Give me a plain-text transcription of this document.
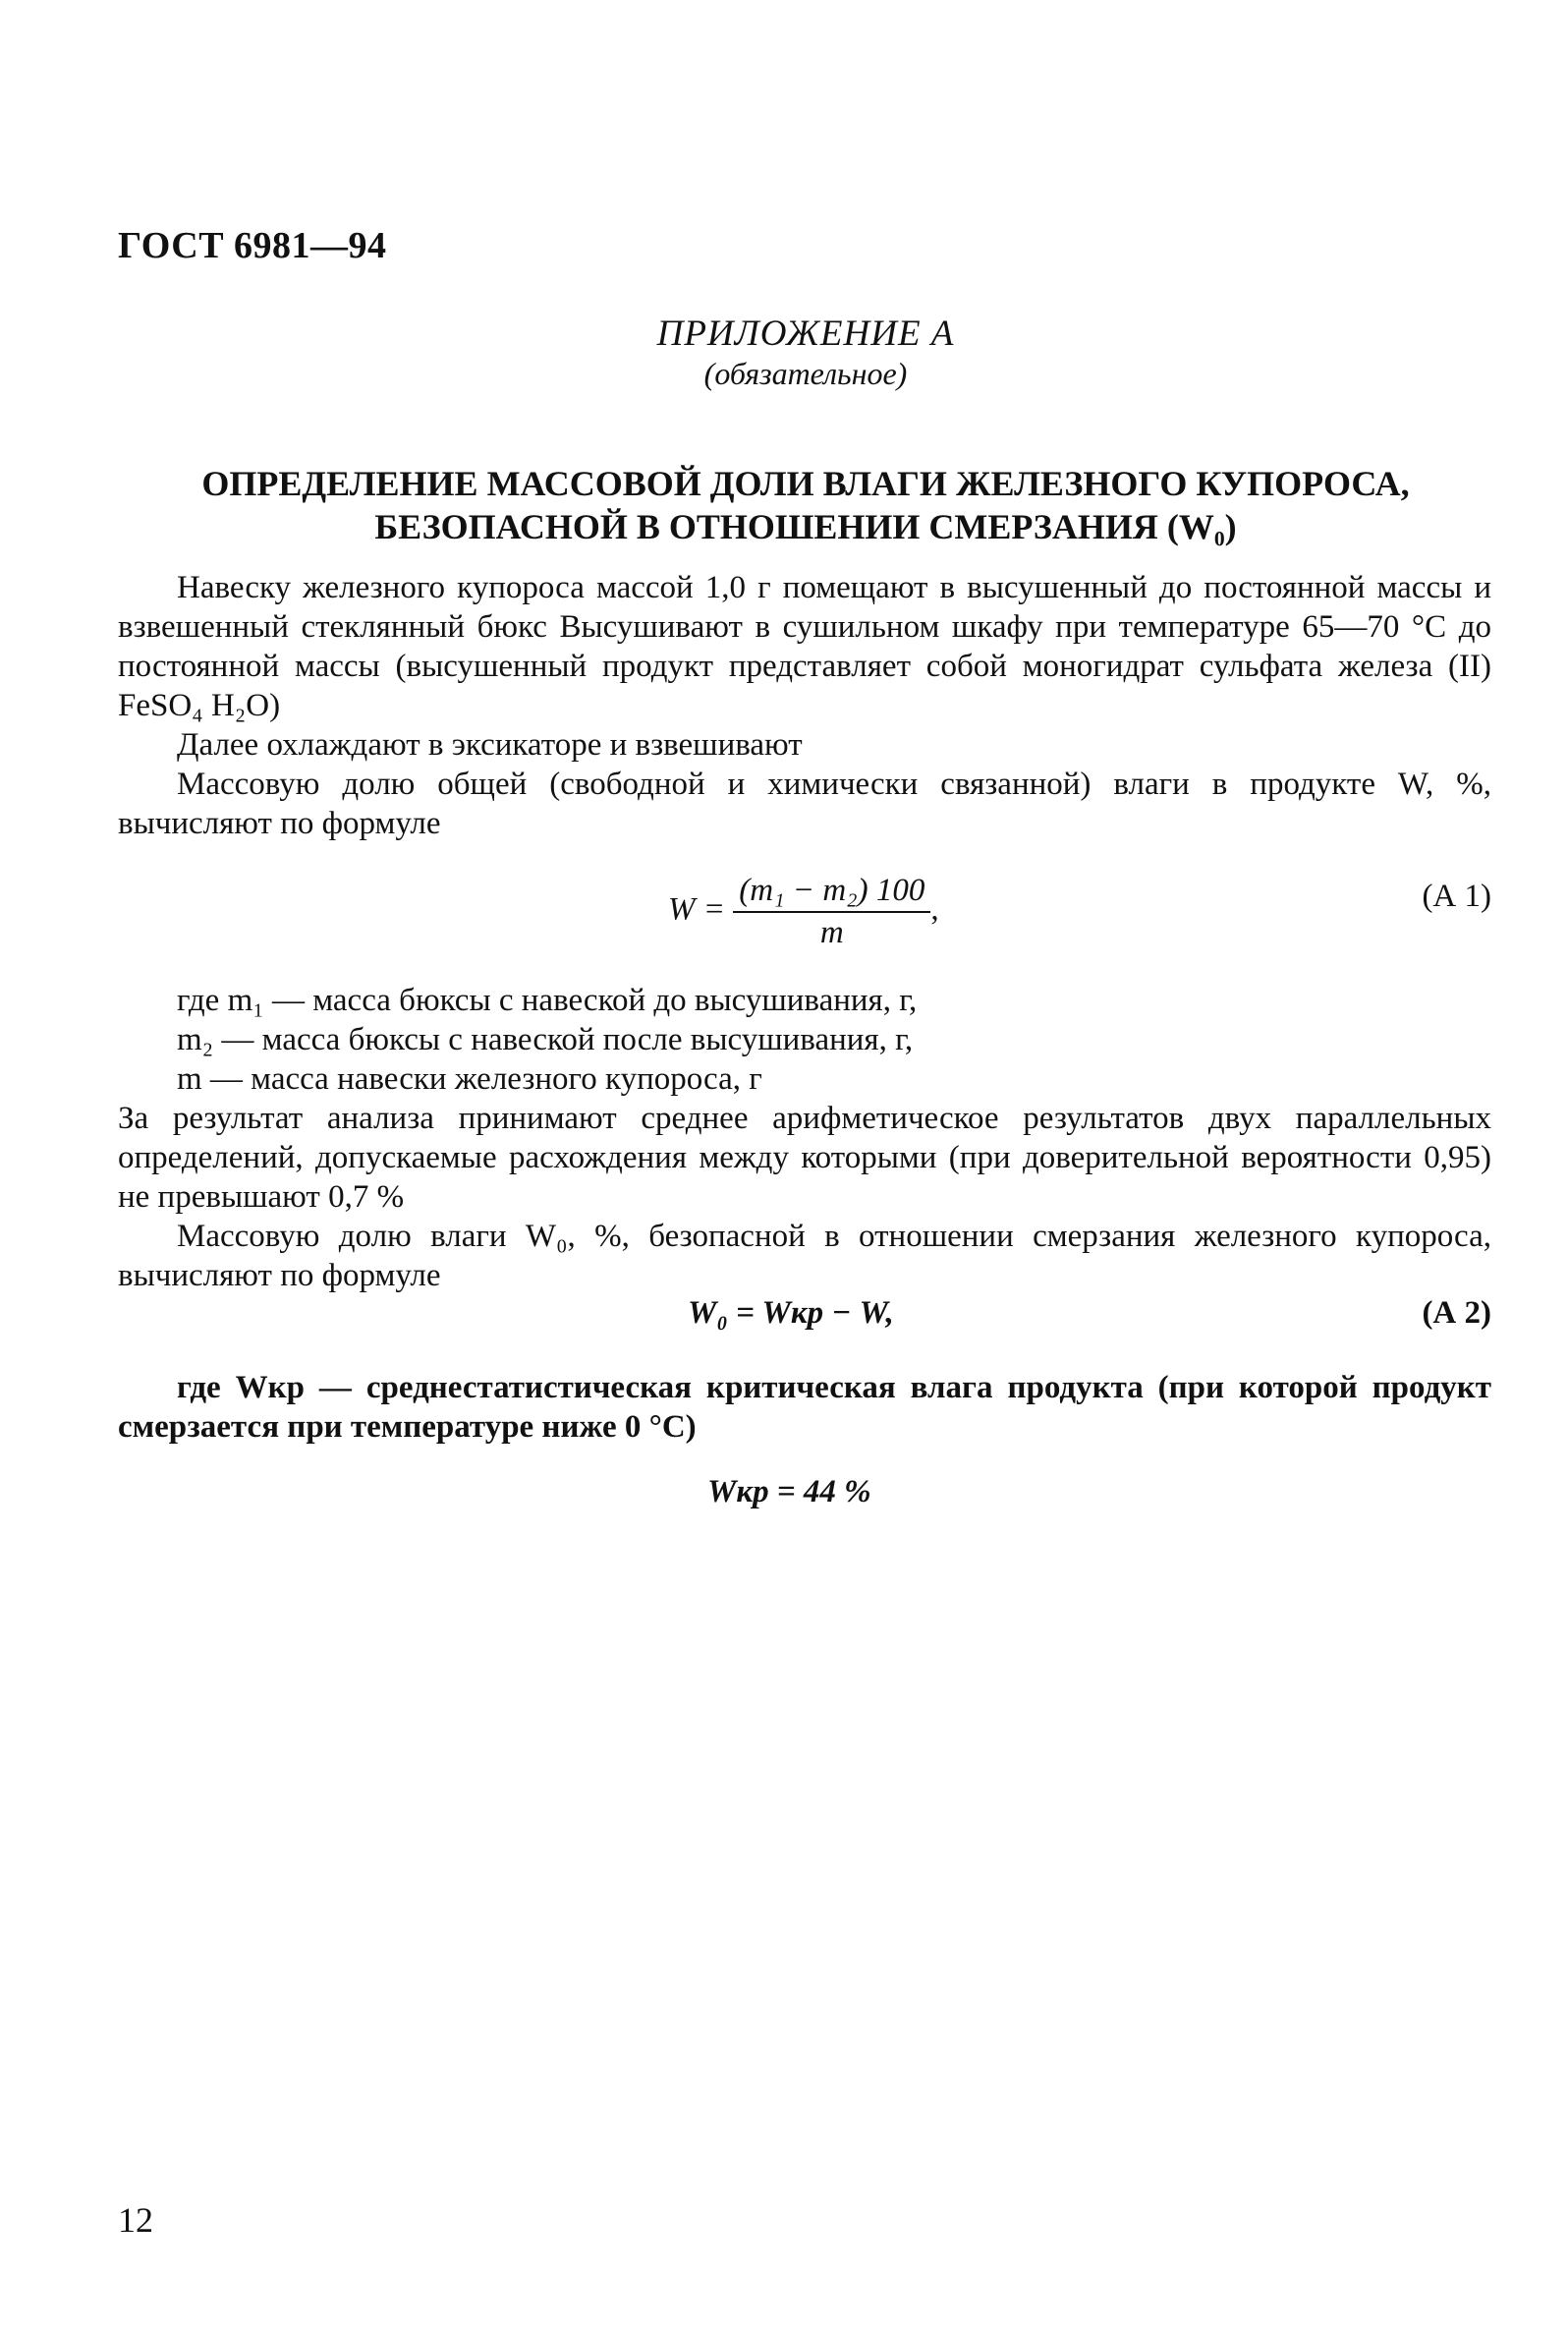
ГОСТ 6981—94
ПРИЛОЖЕНИЕ А
(обязательное)
ОПРЕДЕЛЕНИЕ МАССОВОЙ ДОЛИ ВЛАГИ ЖЕЛЕЗНОГО КУПОРОСА,
БЕЗОПАСНОЙ В ОТНОШЕНИИ СМЕРЗАНИЯ (W₀)

Навеску железного купороса массой 1,0 г помещают в высушенный до постоянной массы и взвешенный стеклянный бюкс Высушивают в сушильном шкафу при температуре 65—70 °С до постоянной массы (высушенный продукт представляет собой моногидрат сульфата железа (II) FeSO₄ H₂O)

Далее охлаждают в эксикаторе и взвешивают

Массовую долю общей (свободной и химически связанной) влаги в продукте W, %, вычисляют по формуле

$W = \frac{\text{(m₁ − m₂) 100}}{m}$ ,	(А 1)

где m₁ — масса бюксы с навеской до высушивания, г,

m₂ — масса бюксы с навеской после высушивания, г,

m — масса навески железного купороса, г

За результат анализа принимают среднее арифметическое результатов двух параллельных определений, допускаемые расхождения между которыми (при доверительной вероятности 0,95) не превышают 0,7 %

Массовую долю влаги W₀, %, безопасной в отношении смерзания железного купороса, вычисляют по формуле

W₀ = Wкр − W,	(А 2)

где Wкр — среднестатистическая критическая влага продукта (при которой продукт смерзается при температуре ниже 0 °С)

Wкр = 44 %
12
